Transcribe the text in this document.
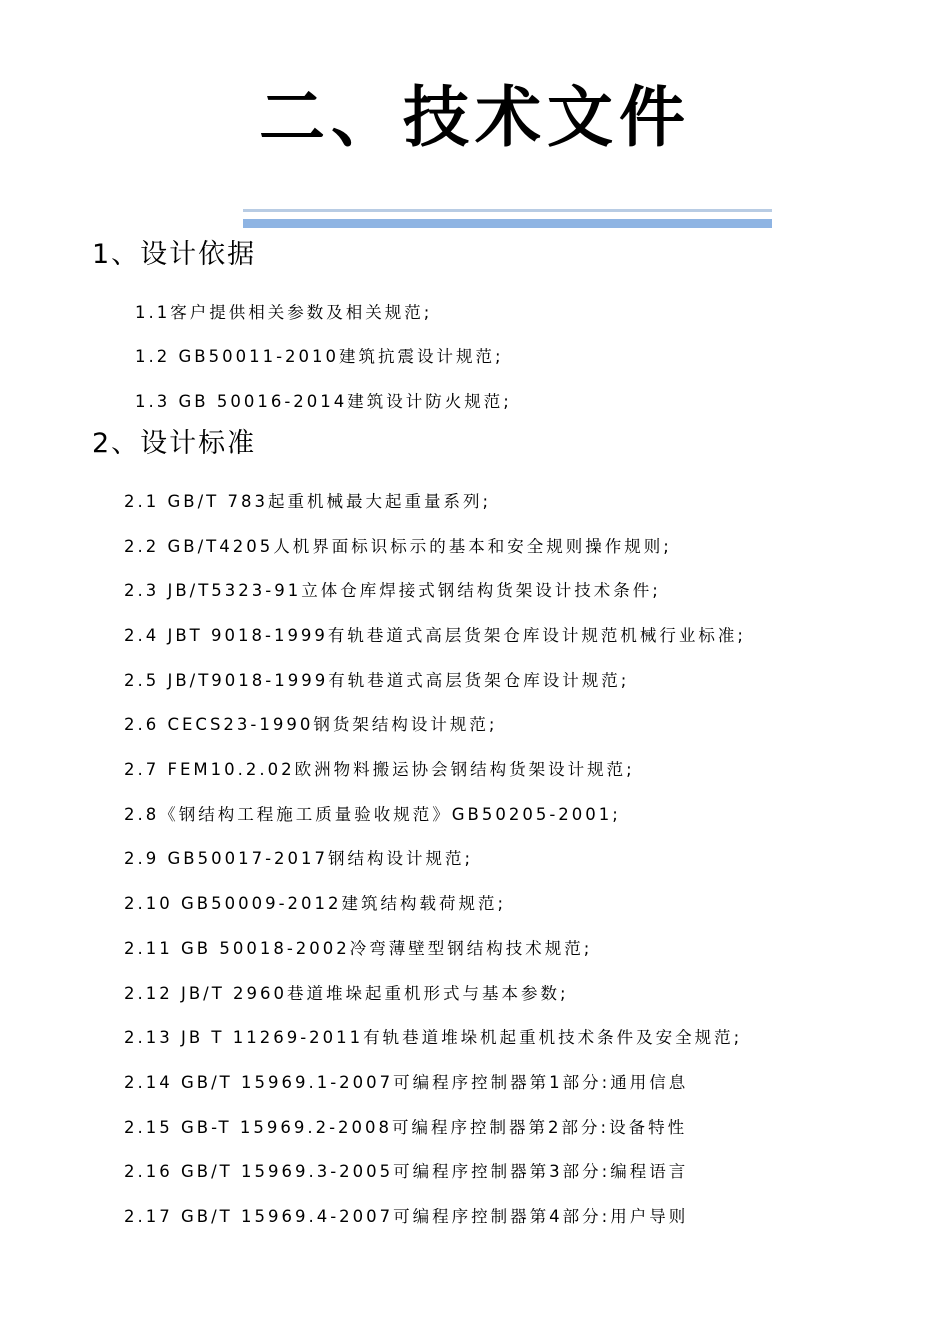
二、技术文件
1、设计依据
1.1客户提供相关参数及相关规范;
1.2 GB50011-2010建筑抗震设计规范;
1.3 GB 50016-2014建筑设计防火规范;
2、设计标准
2.1 GB/T 783起重机械最大起重量系列;
2.2 GB/T4205人机界面标识标示的基本和安全规则操作规则;
2.3 JB/T5323-91立体仓库焊接式钢结构货架设计技术条件;
2.4 JBT 9018-1999有轨巷道式高层货架仓库设计规范机械行业标准;
2.5 JB/T9018-1999有轨巷道式高层货架仓库设计规范;
2.6 CECS23-1990钢货架结构设计规范;
2.7 FEM10.2.02欧洲物料搬运协会钢结构货架设计规范;
2.8《钢结构工程施工质量验收规范》GB50205-2001;
2.9 GB50017-2017钢结构设计规范;
2.10 GB50009-2012建筑结构载荷规范;
2.11 GB 50018-2002冷弯薄壁型钢结构技术规范;
2.12 JB/T 2960巷道堆垛起重机形式与基本参数;
2.13 JB T 11269-2011有轨巷道堆垛机起重机技术条件及安全规范;
2.14 GB/T 15969.1-2007可编程序控制器第1部分:通用信息
2.15 GB-T 15969.2-2008可编程序控制器第2部分:设备特性
2.16 GB/T 15969.3-2005可编程序控制器第3部分:编程语言
2.17 GB/T 15969.4-2007可编程序控制器第4部分:用户导则
